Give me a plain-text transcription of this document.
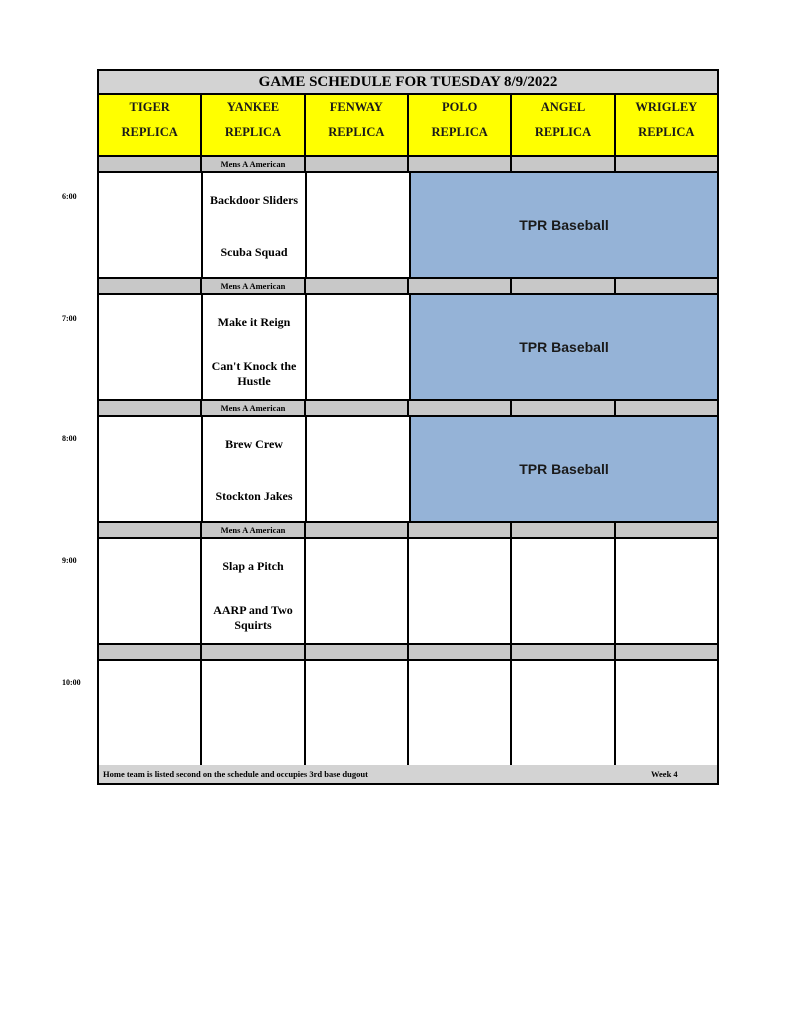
6:00
7:00
8:00
9:00
10:00
GAME SCHEDULE FOR TUESDAY 8/9/2022
TIGER
REPLICA
YANKEE
REPLICA
FENWAY
REPLICA
POLO
REPLICA
ANGEL
REPLICA
WRIGLEY
REPLICA
Mens A American
Backdoor Sliders
Scuba Squad
TPR Baseball
Mens A American
Make it Reign
Can't Knock the Hustle
TPR Baseball
Mens A American
Brew Crew
Stockton Jakes
TPR Baseball
Mens A American
Slap a Pitch
AARP and Two Squirts
Home team is listed second on the schedule and occupies 3rd base dugout	Week 4
